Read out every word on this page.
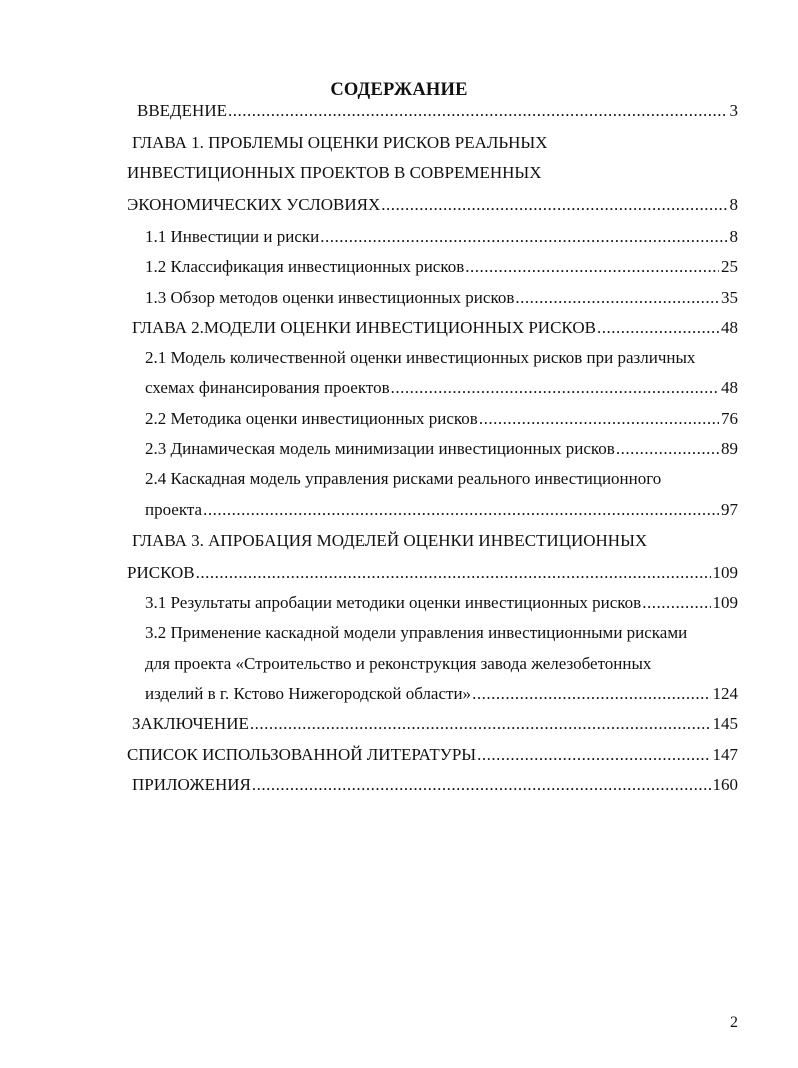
СОДЕРЖАНИЕ
ВВЕДЕНИЕ .....	3
ГЛАВА 1. ПРОБЛЕМЫ ОЦЕНКИ РИСКОВ РЕАЛЬНЫХ
ИНВЕСТИЦИОННЫХ ПРОЕКТОВ В СОВРЕМЕННЫХ
ЭКОНОМИЧЕСКИХ УСЛОВИЯХ .....	8
1.1 Инвестиции и риски .....	8
1.2 Классификация инвестиционных рисков .....	25
1.3 Обзор методов оценки инвестиционных рисков .....	35
ГЛАВА 2.МОДЕЛИ ОЦЕНКИ ИНВЕСТИЦИОННЫХ РИСКОВ .....	48
2.1 Модель количественной оценки инвестиционных рисков при различных
схемах финансирования проектов .....	48
2.2 Методика оценки инвестиционных рисков .....	76
2.3 Динамическая модель минимизации инвестиционных рисков .....	89
2.4 Каскадная модель управления рисками реального инвестиционного
проекта .....	97
ГЛАВА 3. АПРОБАЦИЯ МОДЕЛЕЙ ОЦЕНКИ ИНВЕСТИЦИОННЫХ
РИСКОВ .....	109
3.1 Результаты апробации методики оценки инвестиционных рисков .....	109
3.2 Применение каскадной модели управления инвестиционными рисками
для проекта «Строительство и реконструкция завода железобетонных
изделий в г. Кстово Нижегородской области» .....	124
ЗАКЛЮЧЕНИЕ .....	145
СПИСОК ИСПОЛЬЗОВАННОЙ ЛИТЕРАТУРЫ .....	147
ПРИЛОЖЕНИЯ .....	160
2
